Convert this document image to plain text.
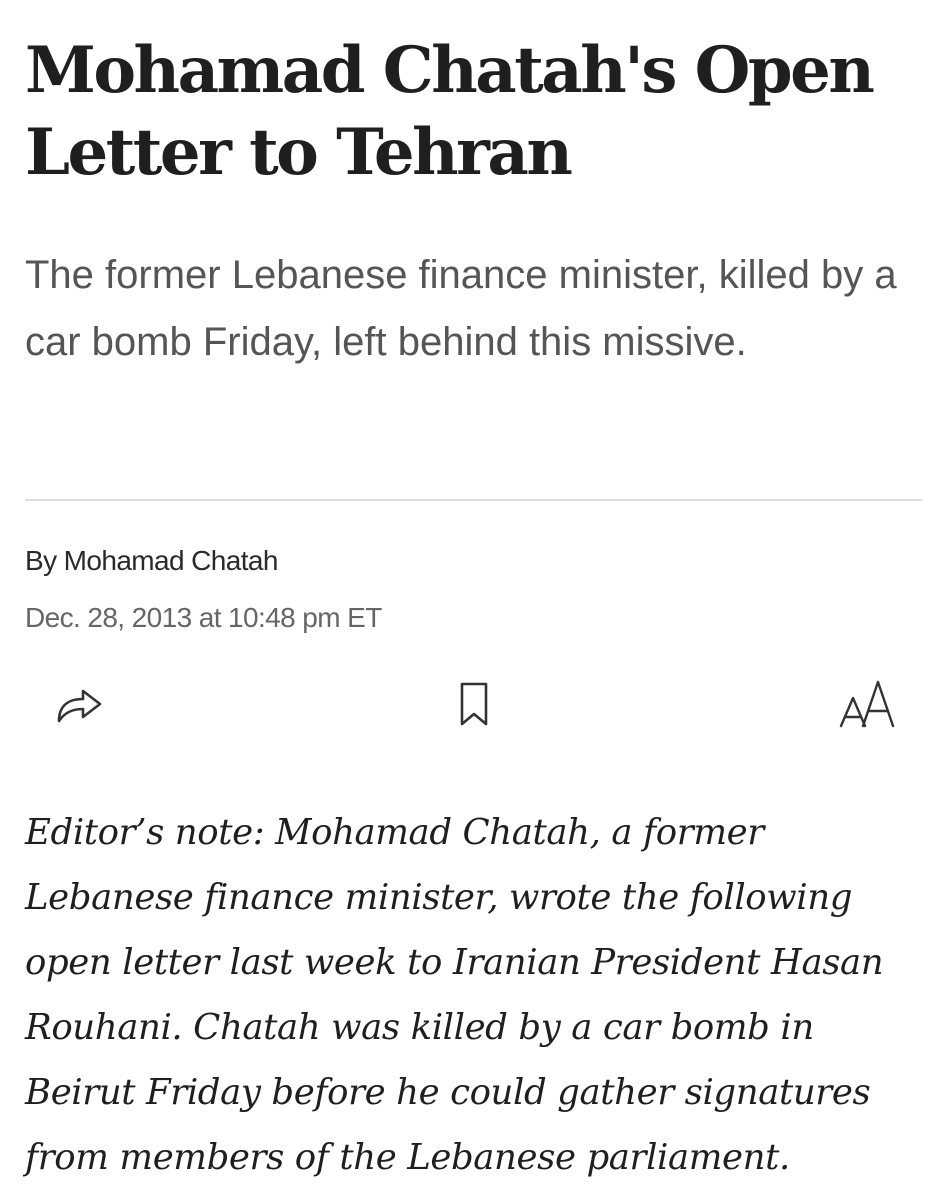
Mohamad Chatah's Open Letter to Tehran

The former Lebanese finance minister, killed by a car bomb Friday, left behind this missive.

By Mohamad Chatah

Dec. 28, 2013 at 10:48 pm ET

Editor’s note: Mohamad Chatah, a former Lebanese finance minister, wrote the following open letter last week to Iranian President Hasan Rouhani. Chatah was killed by a car bomb in Beirut Friday before he could gather signatures from members of the Lebanese parliament.
